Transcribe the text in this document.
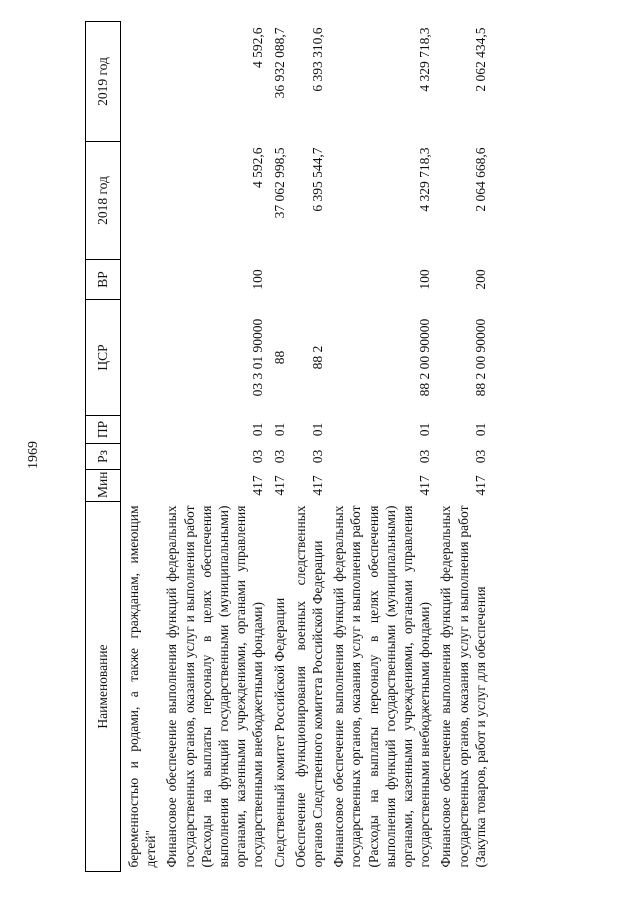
1969
Наименование	Мин	Рз	ПР	ЦСР	ВР	2018 год	2019 год
беременностью и родами, а также гражданам, имеющим детей"							
Финансовое обеспечение выполнения функций федеральных государственных органов, оказания услуг и выполнения работ (Расходы на выплаты персоналу в целях обеспечения выполнения функций государственными (муниципальными) органами, казенными учреждениями, органами управления государственными внебюджетными фондами)	417	03	01	03 3 01 90000	100	4 592,6	4 592,6
Следственный комитет Российской Федерации	417	03	01	88		37 062 998,5	36 932 088,7
Обеспечение функционирования военных следственных органов Следственного комитета Российской Федерации	417	03	01	88 2		6 395 544,7	6 393 310,6
Финансовое обеспечение выполнения функций федеральных государственных органов, оказания услуг и выполнения работ (Расходы на выплаты персоналу в целях обеспечения выполнения функций государственными (муниципальными) органами, казенными учреждениями, органами управления государственными внебюджетными фондами)	417	03	01	88 2 00 90000	100	4 329 718,3	4 329 718,3
Финансовое обеспечение выполнения функций федеральных государственных органов, оказания услуг и выполнения работ (Закупка товаров, работ и услуг для обеспечения	417	03	01	88 2 00 90000	200	2 064 668,6	2 062 434,5
